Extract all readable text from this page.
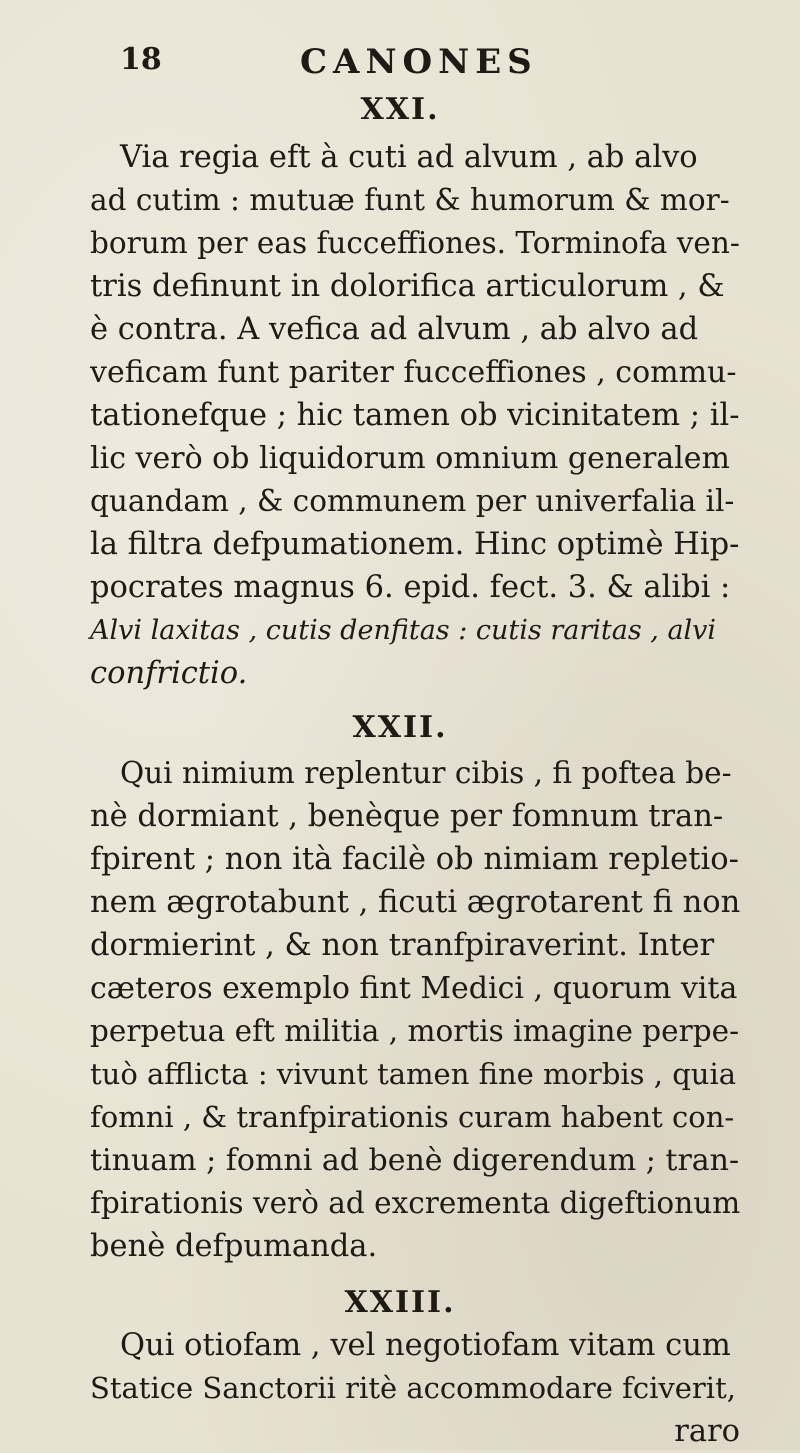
18	CANONES
XXI.
Via regia eft à cuti ad alvum , ab alvo
ad cutim : mutuæ funt & humorum & mor-
borum per eas fucceffiones. Torminofa ven-
tris definunt in dolorifica articulorum , &
è contra. A vefica ad alvum , ab alvo ad
veficam funt pariter fucceffiones , commu-
tationefque ; hic tamen ob vicinitatem ; il-
lic verò ob liquidorum omnium generalem
quandam , & communem per univerfalia il-
la filtra defpumationem. Hinc optimè Hip-
pocrates magnus 6. epid. fect. 3. & alibi :
Alvi laxitas , cutis denfitas : cutis raritas , alvi
confrictio.
XXII.
Qui nimium replentur cibis , fi poftea be-
nè dormiant , benèque per fomnum tran-
fpirent ; non ità facilè ob nimiam repletio-
nem ægrotabunt , ficuti ægrotarent fi non
dormierint , & non tranfpiraverint. Inter
cæteros exemplo fint Medici , quorum vita
perpetua eft militia , mortis imagine perpe-
tuò afflicta : vivunt tamen fine morbis , quia
fomni , & tranfpirationis curam habent con-
tinuam ; fomni ad benè digerendum ; tran-
fpirationis verò ad excrementa digeftionum
benè defpumanda.
XXIII.
Qui otiofam , vel negotiofam vitam cum
Statice Sanctorii ritè accommodare fciverit,
raro
